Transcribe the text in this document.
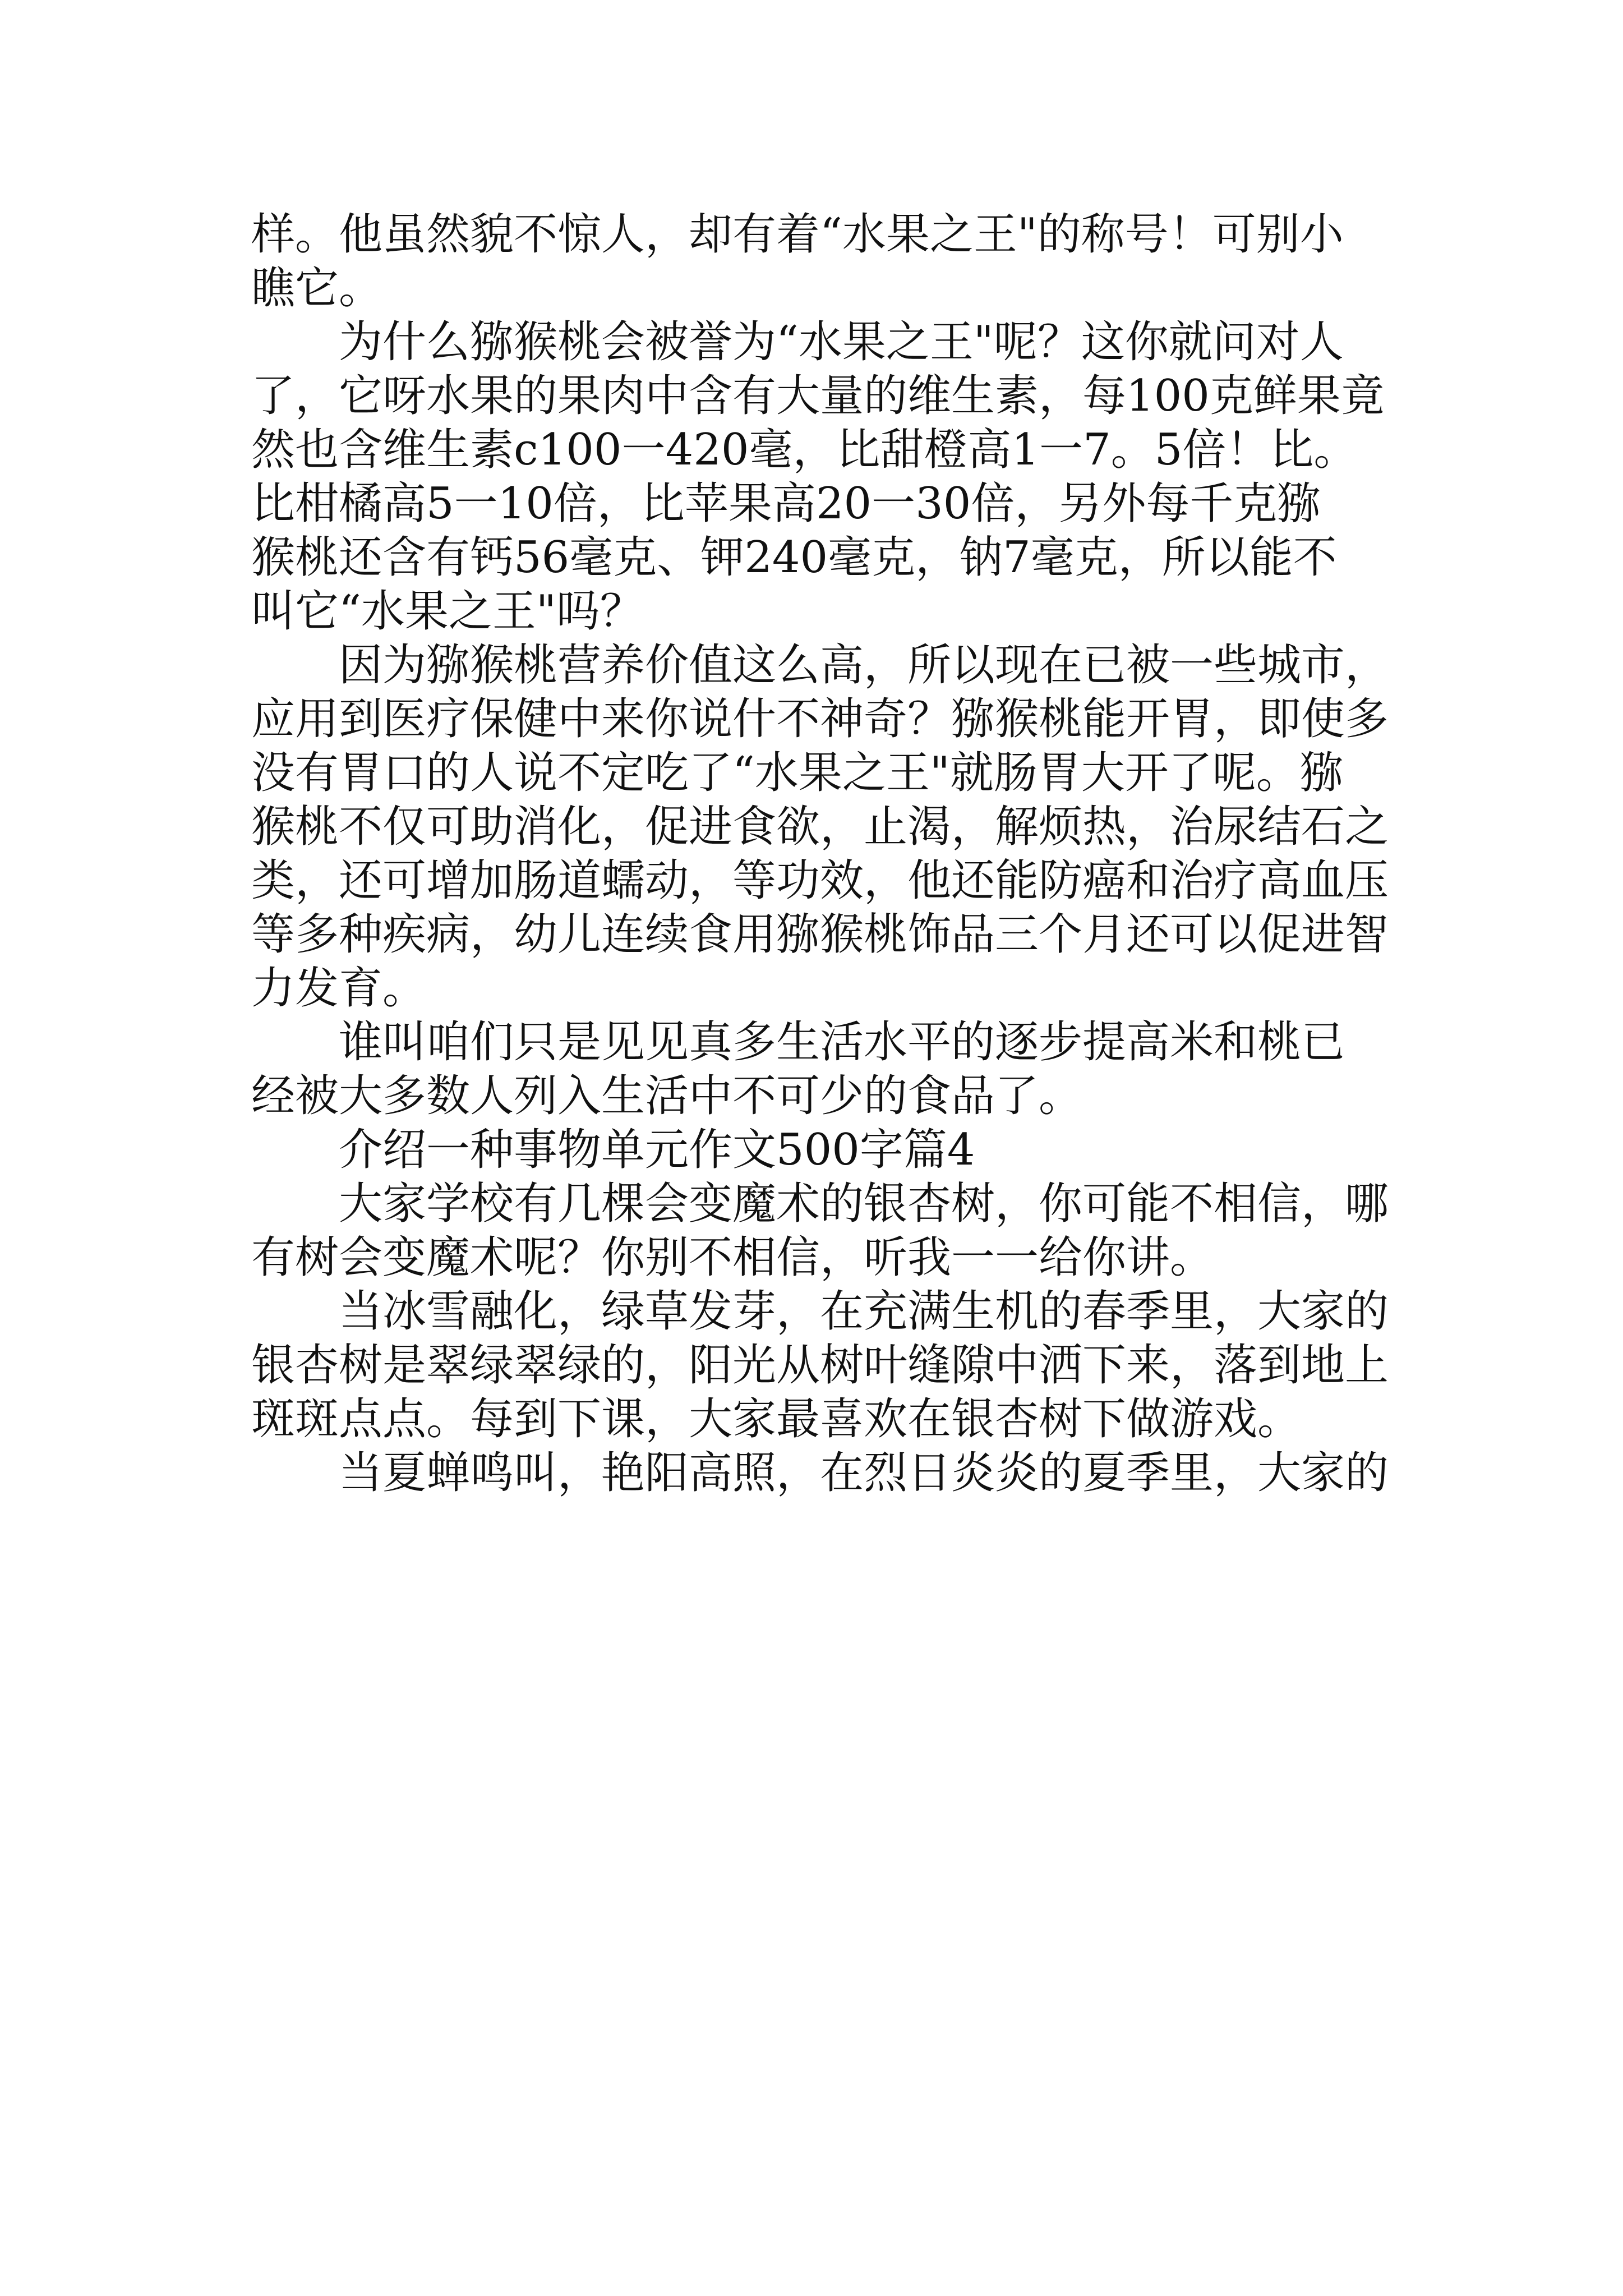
样。他虽然貌不惊人，却有着“水果之王"的称号！可别小
瞧它。
为什么猕猴桃会被誉为“水果之王"呢？这你就问对人
了，它呀水果的果肉中含有大量的维生素，每100克鲜果竟
然也含维生素c100一420毫，比甜橙高1一7。5倍！比。
比柑橘高5一10倍，比苹果高20一30倍，另外每千克猕
猴桃还含有钙56毫克、钾240毫克，钠7毫克，所以能不
叫它“水果之王"吗？
因为猕猴桃营养价值这么高，所以现在已被一些城市，
应用到医疗保健中来你说什不神奇？猕猴桃能开胃，即使多
没有胃口的人说不定吃了“水果之王"就肠胃大开了呢。猕
猴桃不仅可助消化，促进食欲，止渴，解烦热，治尿结石之
类，还可增加肠道蠕动，等功效，他还能防癌和治疗高血压
等多种疾病，幼儿连续食用猕猴桃饰品三个月还可以促进智
力发育。
谁叫咱们只是见见真多生活水平的逐步提高米和桃已
经被大多数人列入生活中不可少的食品了。
介绍一种事物单元作文500字篇4
大家学校有几棵会变魔术的银杏树，你可能不相信，哪
有树会变魔术呢？你别不相信，听我一一给你讲。
当冰雪融化，绿草发芽，在充满生机的春季里，大家的
银杏树是翠绿翠绿的，阳光从树叶缝隙中洒下来，落到地上
斑斑点点。每到下课，大家最喜欢在银杏树下做游戏。
当夏蝉鸣叫，艳阳高照，在烈日炎炎的夏季里，大家的
